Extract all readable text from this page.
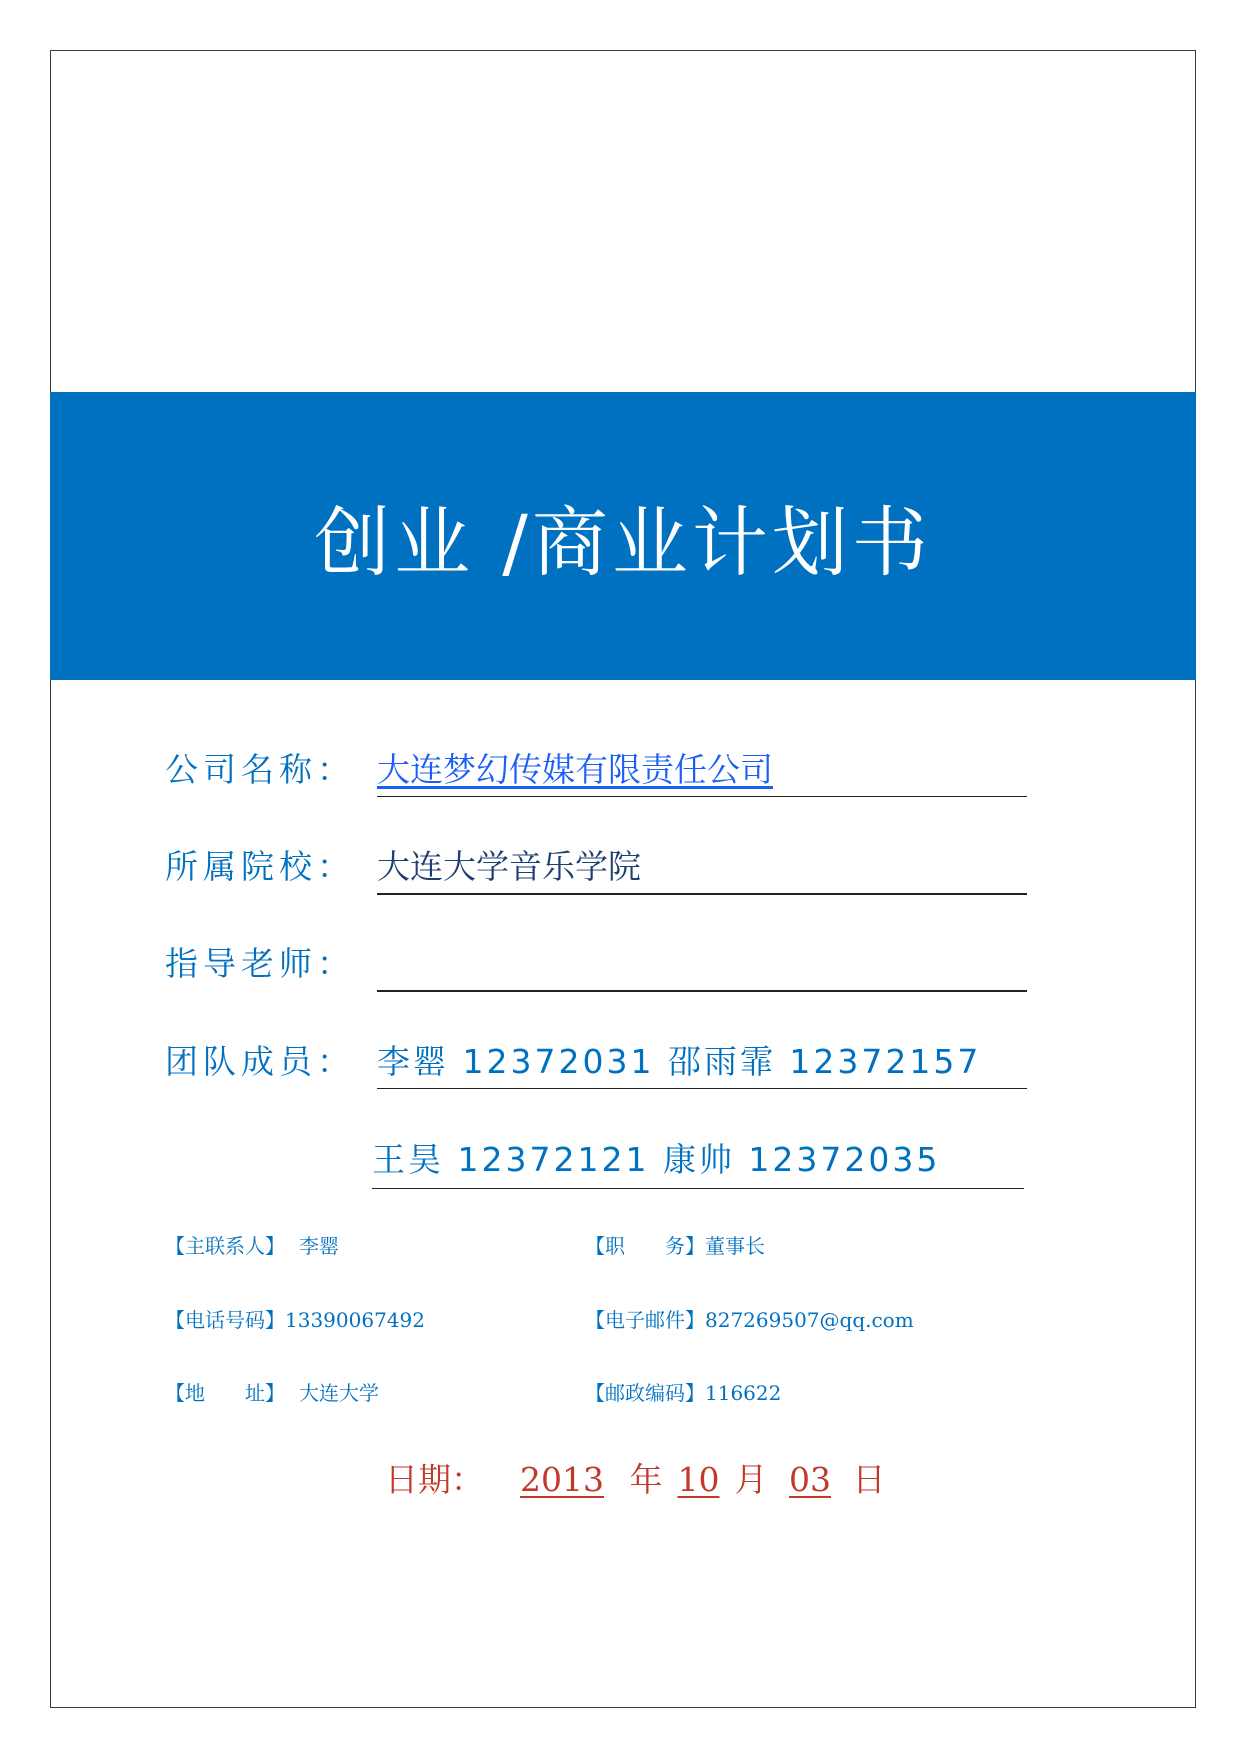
创业 /商业计划书
公司名称： 大连梦幻传媒有限责任公司
所属院校： 大连大学音乐学院
指导老师：
团队成员： 李罂 12372031 邵雨霏 12372157
王昊 12372121 康帅 12372035
【主联系人】　 李罂	【职　　务】董事长
【电话号码】13390067492	【电子邮件】827269507@qq.com
【地　　址】　 大连大学	【邮政编码】116622
日期： 2013 年 10 月 03 日
